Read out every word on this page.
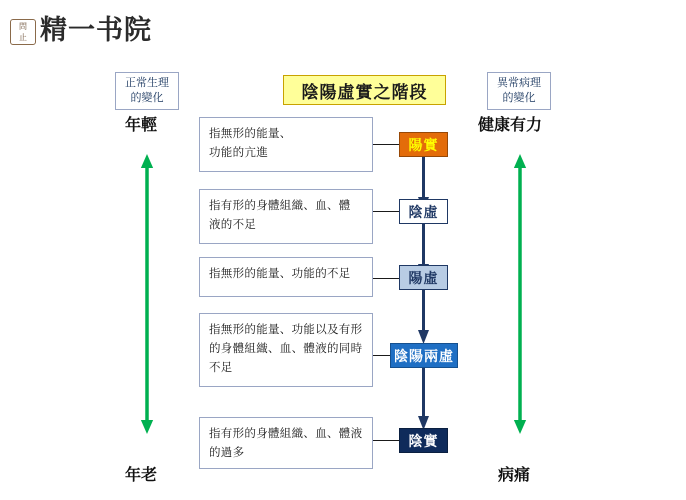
問
止 精一书院
陰陽虛實之階段
正常生理
的變化
年輕
年老
異常病理
的變化
健康有力
病痛
指無形的能量、
功能的亢進	陽實
指有形的身體組織、血、體
液的不足
陰虛
指無形的能量、功能的不足	陽虛
指無形的能量、功能以及有形
的身體組織、血、體液的同時
不足
陰陽兩虛
指有形的身體組織、血、體液
的過多
陰實
